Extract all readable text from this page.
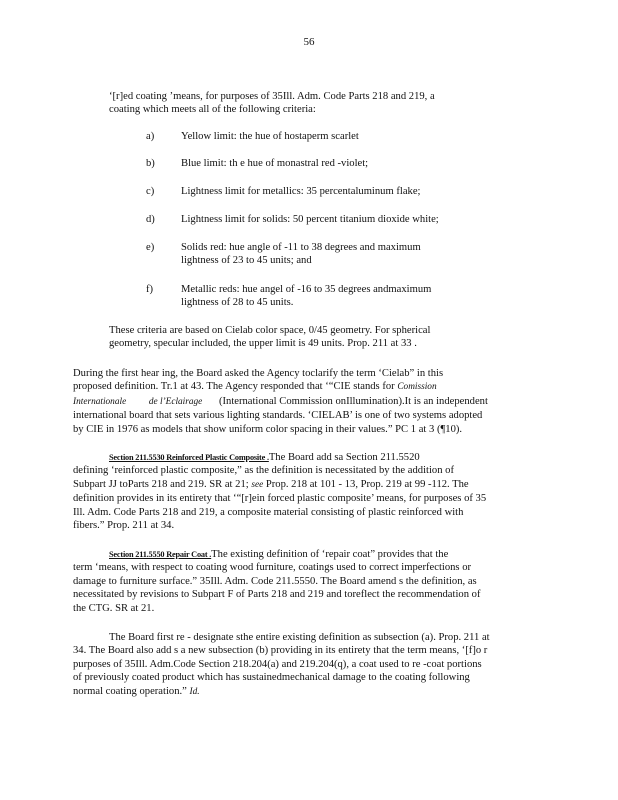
56
‘[r]ed coating ’means, for purposes of 35Ill. Adm. Code Parts 218 and 219, a
coating which meets all of the following criteria:
a)	Yellow limit: the hue of hostaperm scarlet
b)	Blue limit: th e hue of monastral red -violet;
c)	Lightness limit for metallics: 35 percentaluminum flake;
d)	Lightness limit for solids: 50 percent titanium dioxide white;
e)	Solids red: hue angle of -11 to 38 degrees and maximum
lightness of 23 to 45 units; and
f)	Metallic reds: hue angel of -16 to 35 degrees andmaximum
lightness of 28 to 45 units.
These criteria are based on Cielab color space, 0/45 geometry. For spherical
geometry, specular included, the upper limit is 49 units. Prop. 211 at 33 .
During the first hear ing, the Board asked the Agency toclarify the term ‘Cielab” in this
proposed definition. Tr.1 at 43. The Agency responded that ‘“CIE stands for Comission
Internationale de l’Eclairage (International Commission onIllumination).It is an independent
international board that sets various lighting standards. ‘CIELAB’ is one of two systems adopted
by CIE in 1976 as models that show uniform color spacing in their values.” PC 1 at 3 (¶10).
Section 211.5530 Reinforced Plastic Composite .The Board add sa Section 211.5520
defining ‘reinforced plastic composite,” as the definition is necessitated by the addition of
Subpart JJ toParts 218 and 219. SR at 21; see Prop. 218 at 101 - 13, Prop. 219 at 99 -112. The
definition provides in its entirety that ‘“[r]ein forced plastic composite’ means, for purposes of 35
Ill. Adm. Code Parts 218 and 219, a composite material consisting of plastic reinforced with
fibers.” Prop. 211 at 34.
Section 211.5550 Repair Coat .The existing definition of ‘repair coat” provides that the
term ‘means, with respect to coating wood furniture, coatings used to correct imperfections or
damage to furniture surface.” 35Ill. Adm. Code 211.5550. The Board amend s the definition, as
necessitated by revisions to Subpart F of Parts 218 and 219 and toreflect the recommendation of
the CTG. SR at 21.
The Board first re - designate sthe entire existing definition as subsection (a). Prop. 211 at
34. The Board also add s a new subsection (b) providing in its entirety that the term means, ‘[f]o r
purposes of 35Ill. Adm.Code Section 218.204(a) and 219.204(q), a coat used to re -coat portions
of previously coated product which has sustainedmechanical damage to the coating following
normal coating operation.” Id.
